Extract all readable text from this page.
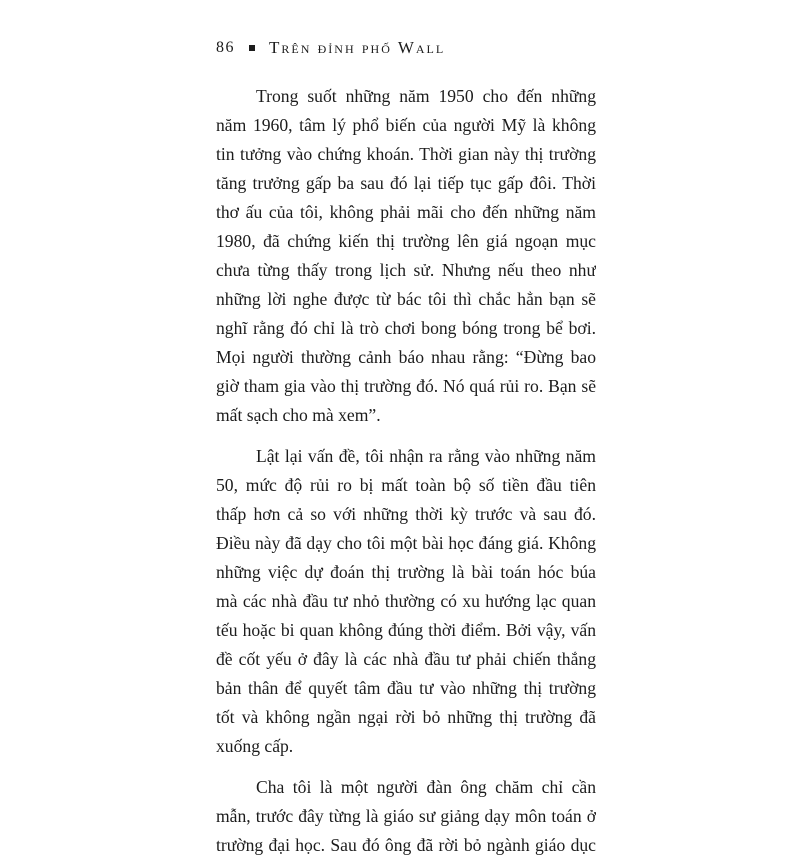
86 Trên đỉnh phố Wall
Trong suốt những năm 1950 cho đến những
năm 1960, tâm lý phổ biến của người Mỹ là không
tin tưởng vào chứng khoán. Thời gian này thị trường
tăng trưởng gấp ba sau đó lại tiếp tục gấp đôi. Thời
thơ ấu của tôi, không phải mãi cho đến những năm
1980, đã chứng kiến thị trường lên giá ngoạn mục
chưa từng thấy trong lịch sử. Nhưng nếu theo như
những lời nghe được từ bác tôi thì chắc hẳn bạn sẽ
nghĩ rằng đó chỉ là trò chơi bong bóng trong bể bơi.
Mọi người thường cảnh báo nhau rằng: “Đừng bao
giờ tham gia vào thị trường đó. Nó quá rủi ro. Bạn sẽ
mất sạch cho mà xem”.
Lật lại vấn đề, tôi nhận ra rằng vào những năm
50, mức độ rủi ro bị mất toàn bộ số tiền đầu tiên
thấp hơn cả so với những thời kỳ trước và sau đó.
Điều này đã dạy cho tôi một bài học đáng giá. Không
những việc dự đoán thị trường là bài toán hóc búa
mà các nhà đầu tư nhỏ thường có xu hướng lạc quan
tếu hoặc bi quan không đúng thời điểm. Bởi vậy, vấn
đề cốt yếu ở đây là các nhà đầu tư phải chiến thắng
bản thân để quyết tâm đầu tư vào những thị trường
tốt và không ngần ngại rời bỏ những thị trường đã
xuống cấp.
Cha tôi là một người đàn ông chăm chỉ cần
mẫn, trước đây từng là giáo sư giảng dạy môn toán ở
trường đại học. Sau đó ông đã rời bỏ ngành giáo dục
